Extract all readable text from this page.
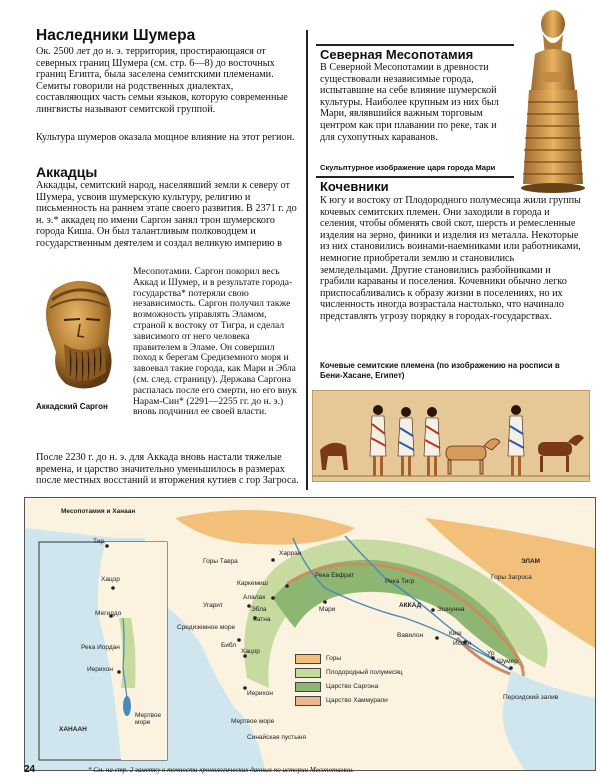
Наследники Шумера

Ок. 2500 лет до н. э. территория, простирающаяся от северных границ Шумера (см. стр. 6—8) до восточных границ Египта, была заселена семитскими племенами. Семиты говорили на родственных диалектах, составляющих часть семьи языков, которую современные лингвисты называют семитской группой.

Культура шумеров оказала мощное влияние на этот регион.

Аккадцы

Аккадцы, семитский народ, населявший земли к северу от Шумера, усвоив шумерскую культуру, религию и письменность на раннем этапе своего развития. В 2371 г. до н. э.* аккадец по имени Саргон занял трон шумерского города Киша. Он был талантливым полководцем и государственным деятелем и создал великую империю в

Аккадский Саргон

Месопотамии. Саргон покорил весь Аккад и Шумер, и в результате города-государства* потеряли свою независимость. Саргон получил также возможность управлять Эламом, страной к востоку от Тигра, и сделал зависимого от него человека правителем в Эламе. Он совершил поход к берегам Средиземного моря и завоевал такие города, как Мари и Эбла (см. след. страницу). Держава Саргона распалась после его смерти, но его внук Нарам-Син* (2291—2255 гг. до н. э.) вновь подчинил ее своей власти.

После 2230 г. до н. э. для Аккада вновь настали тяжелые времена, и царство значительно уменьшилось в размерах после местных восстаний и вторжения кутиев с гор Загроса.

Северная Месопотамия

В Северной Месопотамии в древности существовали независимые города, испытавшие на себе влияние шумерской культуры. Наиболее крупным из них был Мари, являвшийся важным торговым центром как при плавании по реке, так и для сухопутных караванов.

Скульптурное изображение царя города Мари

Кочевники

К югу и востоку от Плодородного полумесяца жили группы кочевых семитских племен. Они заходили в города и селения, чтобы обменять свой скот, шерсть и ремесленные изделия на зерно, финики и изделия из металла. Некоторые из них становились воинами-наемниками или работниками, немногие приобретали землю и становились земледельцами. Другие становились разбойниками и грабили караваны и поселения. Кочевники обычно легко приспосабливались к образу жизни в поселениях, но их численность иногда возрастала настолько, что начинало представлять угрозу порядку в городах-государствах.

Кочевые семитские племена (по изображению на росписи в Бени-Хасане, Египет)

Месопотамия и Ханаан
Тир
Хацор
Мегиддо
Река Иордан
Иерихон
ХАНААН
Мертвое море
Харран
Горы Тавра
Каркемиш
Алалах
Эбла
Катна
Угарит
Средиземное море
Библ
Хацор
Иерихон
Мертвое море
Синайская пустыня
Река Евфрат
Река Тигр
Горы Загроса
ЭЛАМ
Мари
АККАД
Эшнунна
Вавилон	Киш
Иссин
Ур
Шумер
Персидский залив
Горы
Плодородный полумесяц
Царство Саргона
Царство Хаммурапи
24	* См. на стр. 2 заметку о точности хронологических данных по истории Месопотамии.
